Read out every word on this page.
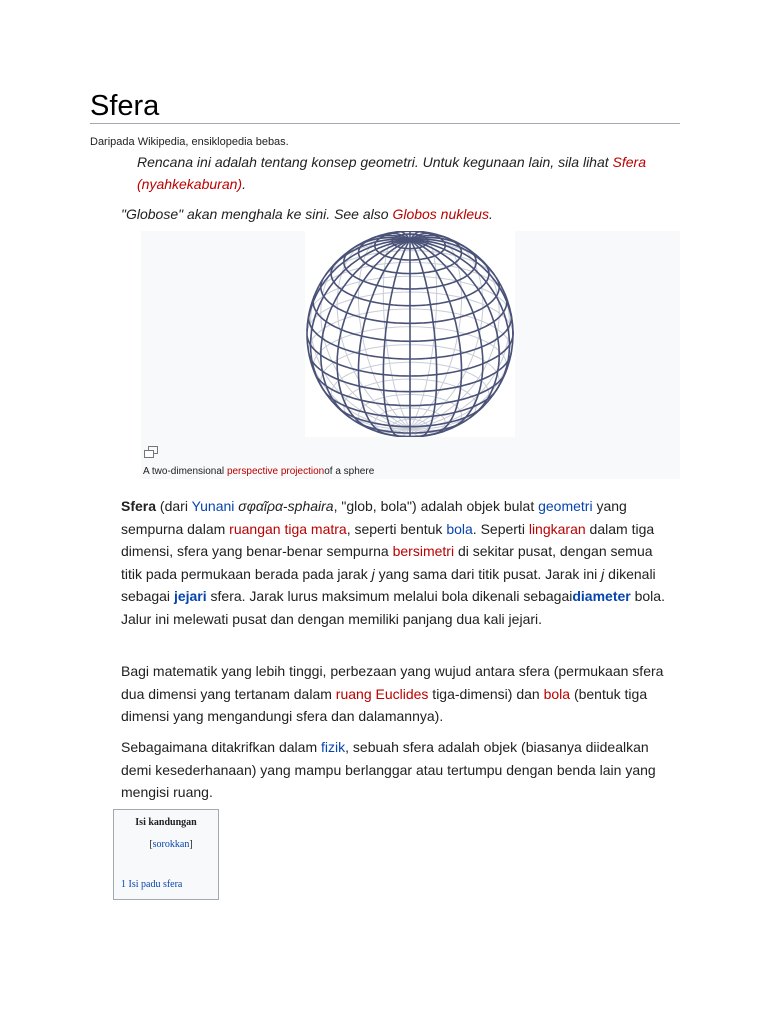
Sfera
Daripada Wikipedia, ensiklopedia bebas.
Rencana ini adalah tentang konsep geometri. Untuk kegunaan lain, sila lihat Sfera (nyahkekaburan).
"Globose" akan menghala ke sini. See also Globos nukleus.
A two-dimensional perspective projectionof a sphere

Sfera (dari Yunani σφαῖρα-sphaira, "glob, bola") adalah objek bulat geometri yang sempurna dalam ruangan tiga matra, seperti bentuk bola. Seperti lingkaran dalam tiga dimensi, sfera yang benar-benar sempurna bersimetri di sekitar pusat, dengan semua titik pada permukaan berada pada jarak j yang sama dari titik pusat. Jarak ini j dikenali sebagai jejari sfera. Jarak lurus maksimum melalui bola dikenali sebagaidiameter bola. Jalur ini melewati pusat dan dengan memiliki panjang dua kali jejari.

Bagi matematik yang lebih tinggi, perbezaan yang wujud antara sfera (permukaan sfera dua dimensi yang tertanam dalam ruang Euclides tiga-dimensi) dan bola (bentuk tiga dimensi yang mengandungi sfera dan dalamannya).

Sebagaimana ditakrifkan dalam fizik, sebuah sfera adalah objek (biasanya diidealkan demi kesederhanaan) yang mampu berlanggar atau tertumpu dengan benda lain yang mengisi ruang.

Isi kandungan
[sorokkan]
1 Isi padu sfera
